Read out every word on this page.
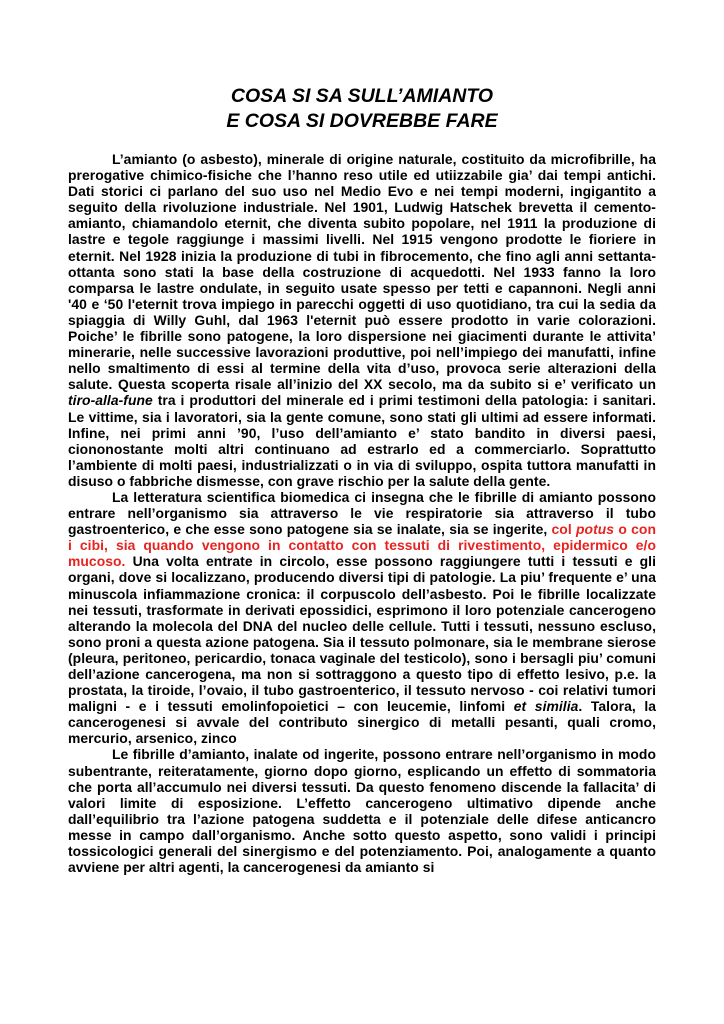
COSA SI SA SULL’AMIANTO
E COSA SI DOVREBBE FARE

L’amianto (o asbesto), minerale di origine naturale, costituito da microfibrille, ha prerogative chimico-fisiche che l’hanno reso utile ed utiizzabile gia’ dai tempi antichi. Dati storici ci parlano del suo uso nel Medio Evo e nei tempi moderni, ingigantito a seguito della rivoluzione industriale. Nel 1901, Ludwig Hatschek brevetta il cemento-amianto, chiamandolo eternit, che diventa subito popolare, nel 1911 la produzione di lastre e tegole raggiunge i massimi livelli. Nel 1915 vengono prodotte le fioriere in eternit. Nel 1928 inizia la produzione di tubi in fibrocemento, che fino agli anni settanta-ottanta sono stati la base della costruzione di acquedotti. Nel 1933 fanno la loro comparsa le lastre ondulate, in seguito usate spesso per tetti e capannoni. Negli anni '40 e ‘50 l'eternit trova impiego in parecchi oggetti di uso quotidiano, tra cui la sedia da spiaggia di Willy Guhl, dal 1963 l'eternit può essere prodotto in varie colorazioni. Poiche’ le fibrille sono patogene, la loro dispersione nei giacimenti durante le attivita’ minerarie, nelle successive lavorazioni produttive, poi nell’impiego dei manufatti, infine nello smaltimento di essi al termine della vita d’uso, provoca serie alterazioni della salute. Questa scoperta risale all’inizio del XX secolo, ma da subito si e’ verificato un tiro-alla-fune tra i produttori del minerale ed i primi testimoni della patologia: i sanitari. Le vittime, sia i lavoratori, sia la gente comune, sono stati gli ultimi ad essere informati. Infine, nei primi anni ’90, l’uso dell’amianto e’ stato bandito in diversi paesi, ciononostante molti altri continuano ad estrarlo ed a commerciarlo. Soprattutto l’ambiente di molti paesi, industrializzati o in via di sviluppo, ospita tuttora manufatti in disuso o fabbriche dismesse, con grave rischio per la salute della gente.

La letteratura scientifica biomedica ci insegna che le fibrille di amianto possono entrare nell’organismo sia attraverso le vie respiratorie sia attraverso il tubo gastroenterico, e che esse sono patogene sia se inalate, sia se ingerite, col potus o con i cibi, sia quando vengono in contatto con tessuti di rivestimento, epidermico e/o mucoso. Una volta entrate in circolo, esse possono raggiungere tutti i tessuti e gli organi, dove si localizzano, producendo diversi tipi di patologie. La piu’ frequente e’ una minuscola infiammazione cronica: il corpuscolo dell’asbesto. Poi le fibrille localizzate nei tessuti, trasformate in derivati epossidici, esprimono il loro potenziale cancerogeno alterando la molecola del DNA del nucleo delle cellule. Tutti i tessuti, nessuno escluso, sono proni a questa azione patogena. Sia il tessuto polmonare, sia le membrane sierose (pleura, peritoneo, pericardio, tonaca vaginale del testicolo), sono i bersagli piu’ comuni dell’azione cancerogena, ma non si sottraggono a questo tipo di effetto lesivo, p.e. la prostata, la tiroide, l’ovaio, il tubo gastroenterico, il tessuto nervoso - coi relativi tumori maligni - e i tessuti emolinfopoietici – con leucemie, linfomi et similia. Talora, la cancerogenesi si avvale del contributo sinergico di metalli pesanti, quali cromo, mercurio, arsenico, zinco

Le fibrille d’amianto, inalate od ingerite, possono entrare nell’organismo in modo subentrante, reiteratamente, giorno dopo giorno, esplicando un effetto di sommatoria che porta all’accumulo nei diversi tessuti. Da questo fenomeno discende la fallacita’ di valori limite di esposizione. L’effetto cancerogeno ultimativo dipende anche dall’equilibrio tra l’azione patogena suddetta e il potenziale delle difese anticancro messe in campo dall’organismo. Anche sotto questo aspetto, sono validi i principi tossicologici generali del sinergismo e del potenziamento. Poi, analogamente a quanto avviene per altri agenti, la cancerogenesi da amianto si
